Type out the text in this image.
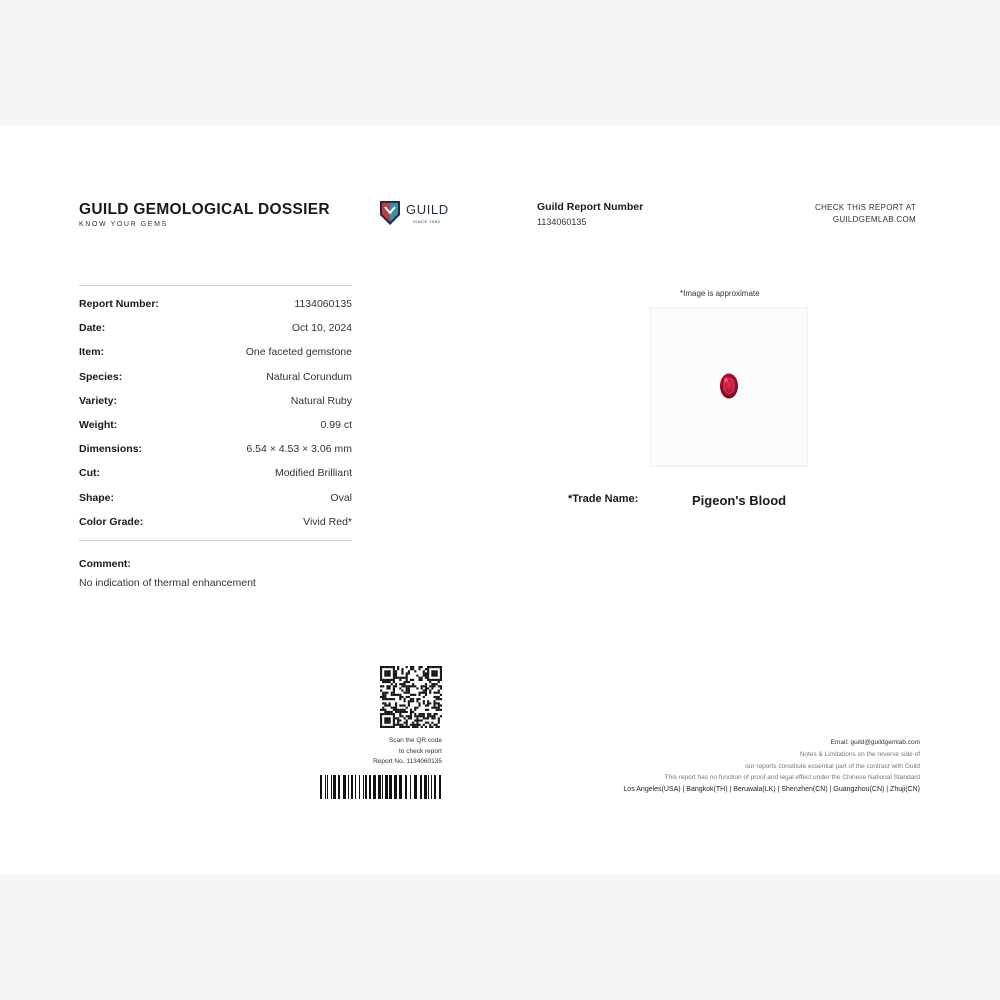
GUILD GEMOLOGICAL DOSSIER
KNOW YOUR GEMS
GUILD
SINCE 1980
Guild Report Number
1134060135
CHECK THIS REPORT AT
GUILDGEMLAB.COM
Report Number:	1134060135
Date:	Oct 10, 2024
Item:	One faceted gemstone
Species:	Natural Corundum
Variety:	Natural Ruby
Weight:	0.99 ct
Dimensions:	6.54 × 4.53 × 3.06 mm
Cut:	Modified Brilliant
Shape:	Oval
Color Grade:	Vivid Red*
Comment:
No indication of thermal enhancement
*Image is approximate
*Trade Name:	Pigeon's Blood
Scan the QR code
to check report
Report No. 1134060135
Email: guild@guildgemlab.com
Notes & Limitations on the reverse side of
our reports constitute essential part of the contract with Guild
This report has no function of proof and legal effect under the Chinese National Standard
Los Angeles(USA) | Bangkok(TH) | Beruwala(LK) | Shenzhen(CN) | Guangzhou(CN) | Zhuji(CN)
